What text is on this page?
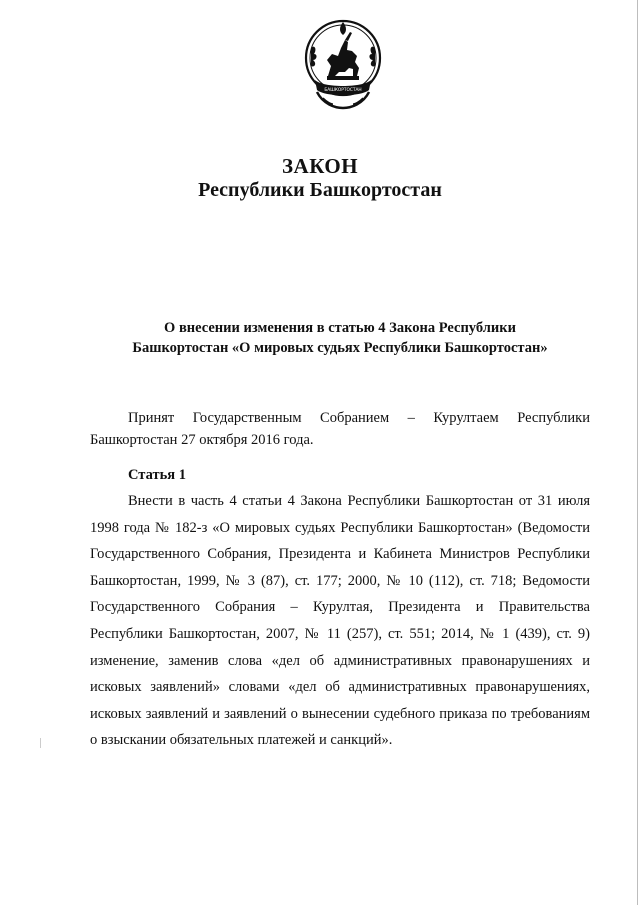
БАШКОРТОСТАН
ЗАКОН
Республики Башкортостан
О внесении изменения в статью 4 Закона Республики
Башкортостан «О мировых судьях Республики Башкортостан»
Принят Государственным Собранием – Курултаем Республики Башкортостан 27 октября 2016 года.
Статья 1
Внести в часть 4 статьи 4 Закона Республики Башкортостан от 31 июля 1998 года № 182-з «О мировых судьях Республики Башкортостан» (Ведомости Государственного Собрания, Президента и Кабинета Министров Республики Башкортостан, 1999, № 3 (87), ст. 177; 2000, № 10 (112), ст. 718; Ведомости Государственного Собрания – Курултая, Президента и Правительства Республики Башкортостан, 2007, № 11 (257), ст. 551; 2014, № 1 (439), ст. 9) изменение, заменив слова «дел об административных правонарушениях и исковых заявлений» словами «дел об административных правонарушениях, исковых заявлений и заявлений о вынесении судебного приказа по требованиям о взыскании обязательных платежей и санкций».
